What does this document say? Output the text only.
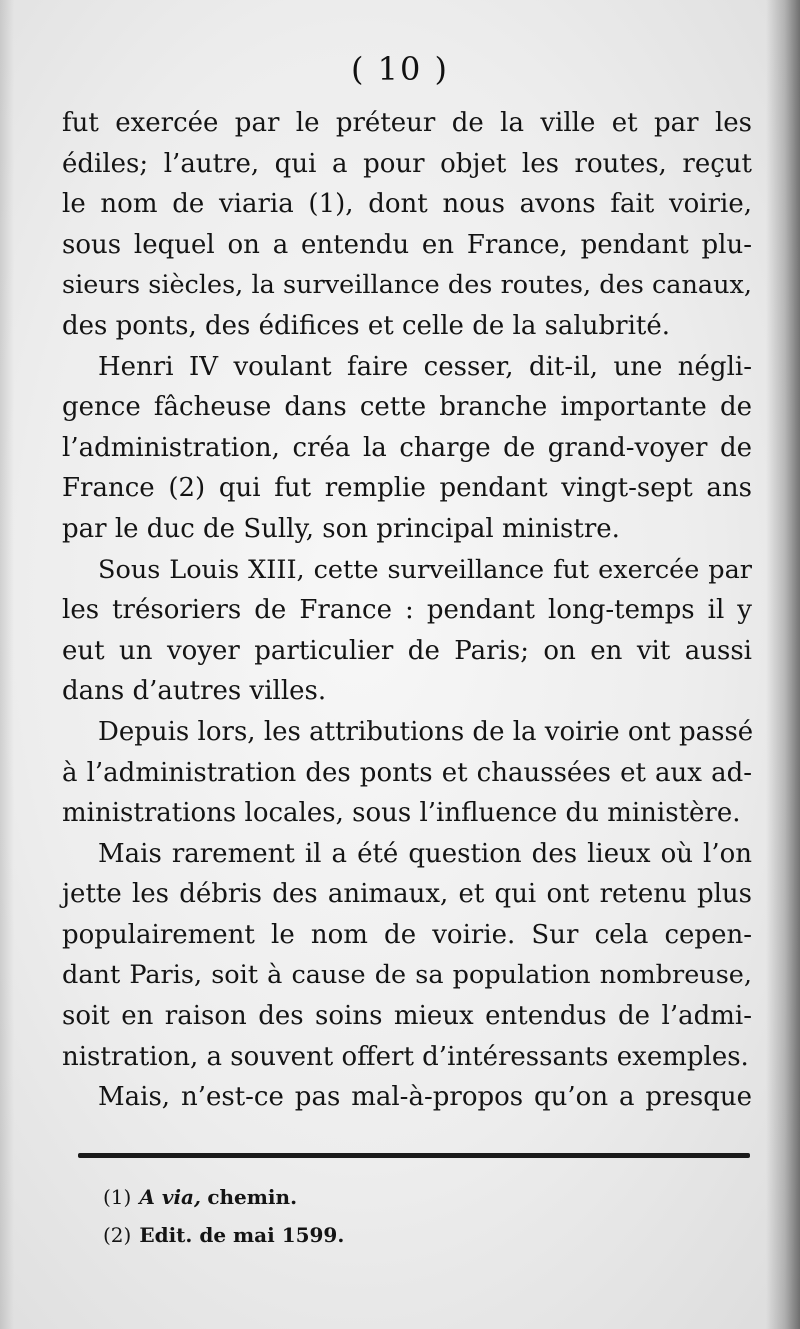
( 10 )
fut exercée par le préteur de la ville et par les
édiles; l’autre, qui a pour objet les routes, reçut
le nom de viaria (1), dont nous avons fait voirie,
sous lequel on a entendu en France, pendant plu-
sieurs siècles, la surveillance des routes, des canaux,
des ponts, des édifices et celle de la salubrité.
Henri IV voulant faire cesser, dit-il, une négli-
gence fâcheuse dans cette branche importante de
l’administration, créa la charge de grand-voyer de
France (2) qui fut remplie pendant vingt-sept ans
par le duc de Sully, son principal ministre.
Sous Louis XIII, cette surveillance fut exercée par
les trésoriers de France : pendant long-temps il y
eut un voyer particulier de Paris; on en vit aussi
dans d’autres villes.
Depuis lors, les attributions de la voirie ont passé
à l’administration des ponts et chaussées et aux ad-
ministrations locales, sous l’influence du ministère.
Mais rarement il a été question des lieux où l’on
jette les débris des animaux, et qui ont retenu plus
populairement le nom de voirie. Sur cela cepen-
dant Paris, soit à cause de sa population nombreuse,
soit en raison des soins mieux entendus de l’admi-
nistration, a souvent offert d’intéressants exemples.
Mais, n’est-ce pas mal-à-propos qu’on a presque
(1) A via, chemin.
(2) Edit. de mai 1599.
